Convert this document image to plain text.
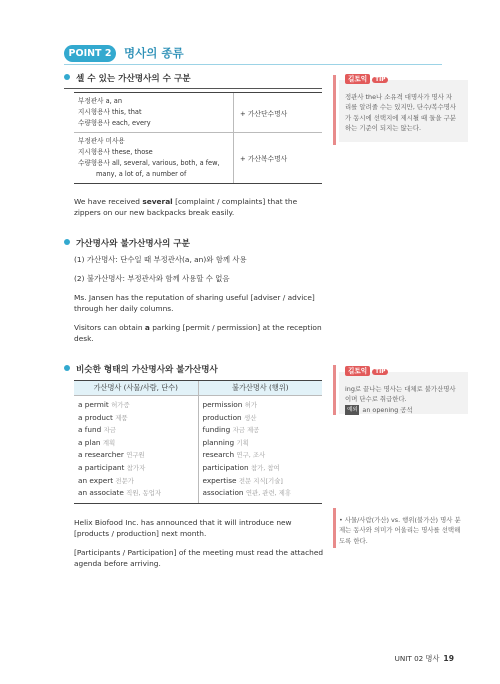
POINT 2	명사의 종류
셀 수 있는 가산명사의 수 구분
부정관사 a, an
지시형용사 this, that
수량형용사 each, every
+ 가산단수명사
부정관사 미사용
지시형용사 these, those
수량형용사 all, several, various, both, a few,
many, a lot of, a number of
+ 가산복수명사
We have received several [complaint / complaints] that the zippers on our new backpacks break easily.
가산명사와 불가산명사의 구분
(1) 가산명사: 단수일 때 부정관사(a, an)와 함께 사용
(2) 불가산명사: 부정관사와 함께 사용할 수 없음
Ms. Jansen has the reputation of sharing useful [adviser / advice] through her daily columns.
Visitors can obtain a parking [permit / permission] at the reception desk.
비슷한 형태의 가산명사와 불가산명사
가산명사 (사물/사람, 단수)	불가산명사 (행위)
a permit 허가증
a product 제품
a fund 자금
a plan 계획
a researcher 연구원
a participant 참가자
an expert 전문가
an associate 직원, 동업자
permission 허가
production 생산
funding 자금 제공
planning 기획
research 연구, 조사
participation 참가, 참여
expertise 전문 지식[기술]
association 연관, 관련, 제휴
Helix Biofood Inc. has announced that it will introduce new [products / production] next month.
[Participants / Participation] of the meeting must read the attached agenda before arriving.
길토익 TIP
정관사 the나 소유격 대명사가 명사 자리를 알려줄 수는 있지만, 단수/복수명사가 동시에 선택지에 제시될 때 둘을 구분하는 기준이 되지는 않는다.
길토익 TIP
ing로 끝나는 명사는 대체로 불가산명사이며 단수로 취급한다.
예외 an opening 공석
• 사물/사람(가산) vs. 행위(불가산) 명사 분제는 동사와 의미가 어울리는 명사를 선택해 도록 한다.
UNIT 02 명사 19
